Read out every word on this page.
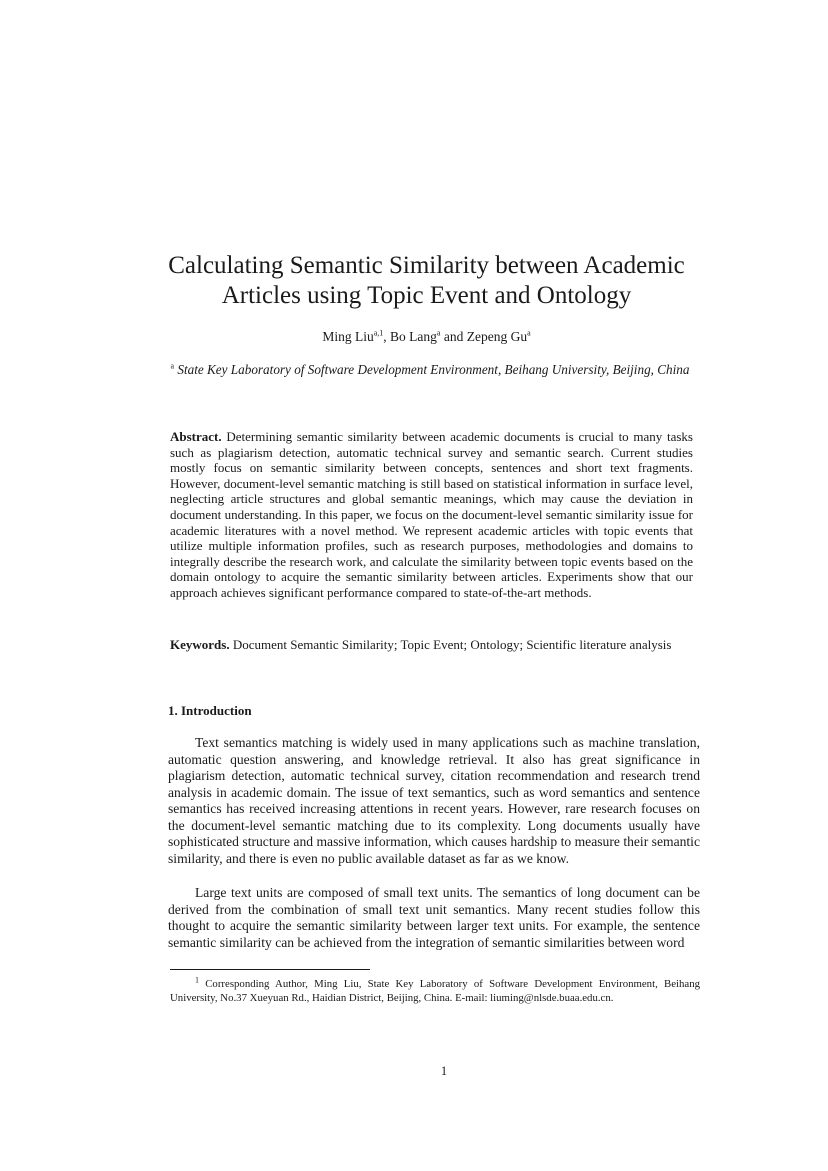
Calculating Semantic Similarity between Academic
Articles using Topic Event and Ontology
Ming Liu$^{a,1}$, Bo Lang$^a$ and Zepeng Gu$^a$
$^a$ State Key Laboratory of Software Development Environment, Beihang University, Beijing, China

Abstract. Determining semantic similarity between academic documents is crucial to many tasks such as plagiarism detection, automatic technical survey and semantic search. Current studies mostly focus on semantic similarity between concepts, sentences and short text fragments. However, document-level semantic matching is still based on statistical information in surface level, neglecting article structures and global semantic meanings, which may cause the deviation in document understanding. In this paper, we focus on the document-level semantic similarity issue for academic literatures with a novel method. We represent academic articles with topic events that utilize multiple information profiles, such as research purposes, methodologies and domains to integrally describe the research work, and calculate the similarity between topic events based on the domain ontology to acquire the semantic similarity between articles. Experiments show that our approach achieves significant performance compared to state-of-the-art methods.

Keywords. Document Semantic Similarity; Topic Event; Ontology; Scientific literature analysis

1. Introduction

Text semantics matching is widely used in many applications such as machine translation, automatic question answering, and knowledge retrieval. It also has great significance in plagiarism detection, automatic technical survey, citation recommendation and research trend analysis in academic domain. The issue of text semantics, such as word semantics and sentence semantics has received increasing attentions in recent years. However, rare research focuses on the document-level semantic matching due to its complexity. Long documents usually have sophisticated structure and massive information, which causes hardship to measure their semantic similarity, and there is even no public available dataset as far as we know.

Large text units are composed of small text units. The semantics of long document can be derived from the combination of small text unit semantics. Many recent studies follow this thought to acquire the semantic similarity between larger text units. For example, the sentence semantic similarity can be achieved from the integration of semantic similarities between word

$^1$ Corresponding Author, Ming Liu, State Key Laboratory of Software Development Environment, Beihang University, No.37 Xueyuan Rd., Haidian District, Beijing, China. E-mail: liuming@nlsde.buaa.edu.cn.

1
